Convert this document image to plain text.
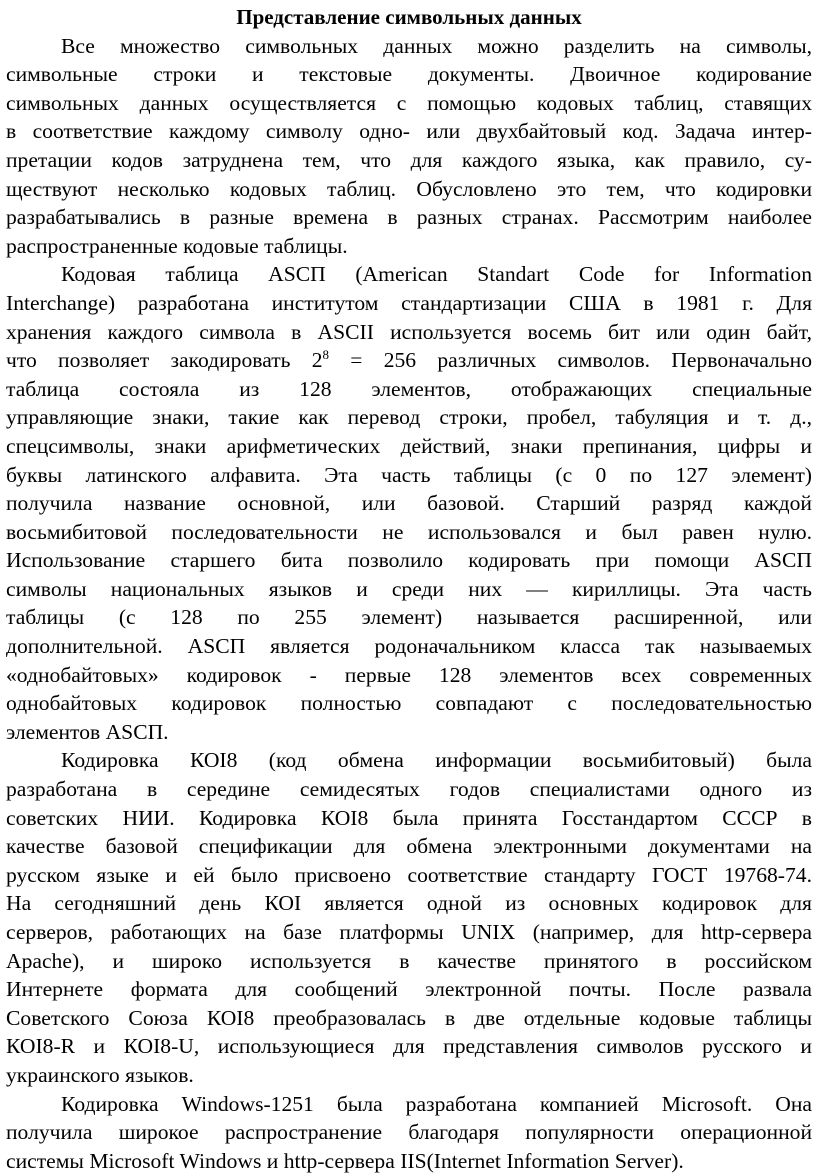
Представление символьных данных
Все множество символьных данных можно разделить на символы,
символьные строки и текстовые документы. Двоичное кодирование
символьных данных осуществляется с помощью кодовых таблиц, ставящих
в соответствие каждому символу одно- или двухбайтовый код. Задача интер-
претации кодов затруднена тем, что для каждого языка, как правило, су-
ществуют несколько кодовых таблиц. Обусловлено это тем, что кодировки
разрабатывались в разные времена в разных странах. Рассмотрим наиболее
распространенные кодовые таблицы.
Кодовая таблица ASCП (American Standart Code for Information
Interchange) разработана институтом стандартизации США в 1981 г. Для
хранения каждого символа в ASCII используется восемь бит или один байт,
что позволяет закодировать $2^8 = 256$ различных символов. Первоначально
таблица состояла из 128 элементов, отображающих специальные
управляющие знаки, такие как перевод строки, пробел, табуляция и т. д.,
спецсимволы, знаки арифметических действий, знаки препинания, цифры и
буквы латинского алфавита. Эта часть таблицы (с 0 по 127 элемент)
получила название основной, или базовой. Старший разряд каждой
восьмибитовой последовательности не использовался и был равен нулю.
Использование старшего бита позволило кодировать при помощи ASCП
символы национальных языков и среди них — кириллицы. Эта часть
таблицы (с 128 по 255 элемент) называется расширенной, или
дополнительной. ASCП является родоначальником класса так называемых
«однобайтовых» кодировок - первые 128 элементов всех современных
однобайтовых кодировок полностью совпадают с последовательностью
элементов ASCП.
Кодировка КОI8 (код обмена информации восьмибитовый) была
разработана в середине семидесятых годов специалистами одного из
советских НИИ. Кодировка КОI8 была принята Госстандартом СССР в
качестве базовой спецификации для обмена электронными документами на
русском языке и ей было присвоено соответствие стандарту ГОСТ 19768-74.
На сегодняшний день КОI является одной из основных кодировок для
серверов, работающих на базе платформы UNIX (например, для http-сервера
Apache), и широко используется в качестве принятого в российском
Интернете формата для сообщений электронной почты. После развала
Советского Союза КОI8 преобразовалась в две отдельные кодовые таблицы
КОI8-R и КОI8-U, использующиеся для представления символов русского и
украинского языков.
Кодировка Windows-1251 была разработана компанией Microsoft. Она
получила широкое распространение благодаря популярности операционной
системы Microsoft Windows и http-сервера IIS(Internet Information Server).
